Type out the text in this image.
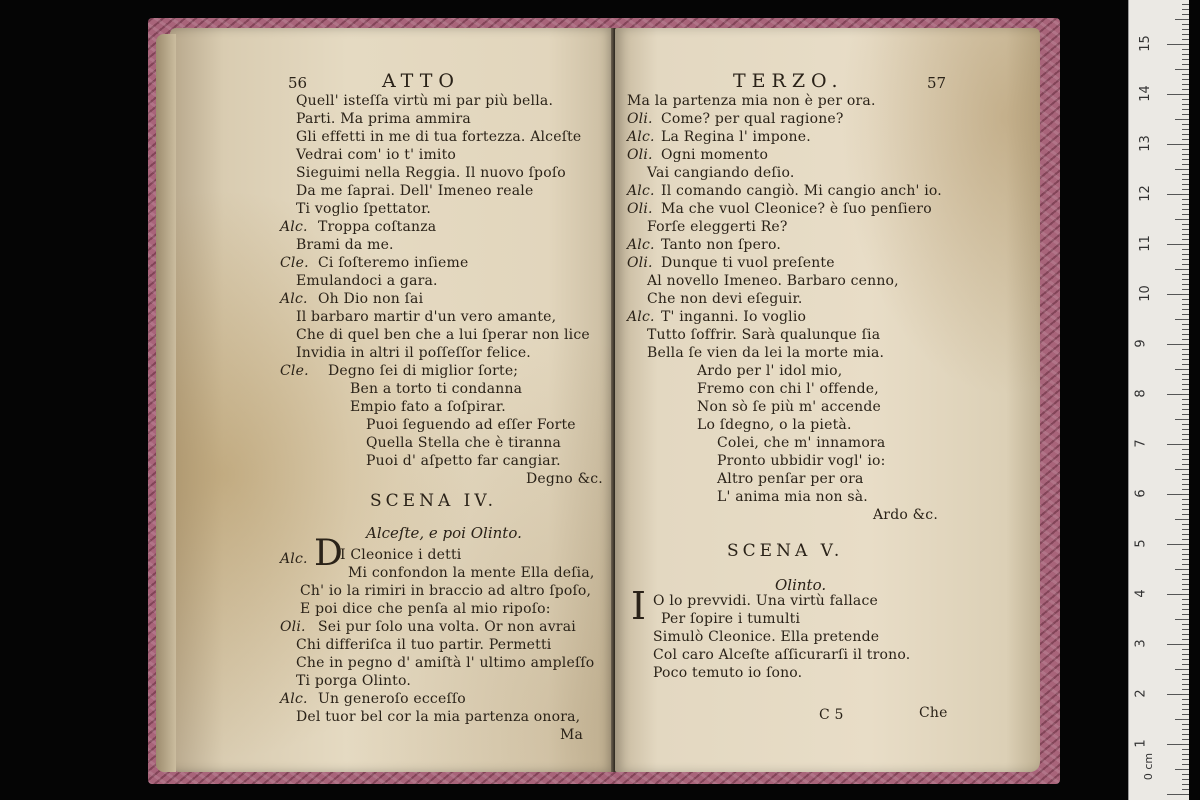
56	ATTO
Quell' isteſſa virtù mi par più bella.
Parti. Ma prima ammira
Gli effetti in me di tua fortezza. Alceſte
Vedrai com' io t' imito
Sieguimi nella Reggia. Il nuovo ſpoſo
Da me ſaprai. Dell' Imeneo reale
Ti voglio ſpettator.
Alc. Troppa coſtanza
Brami da me.
Cle. Ci ſoſteremo inſieme
Emulandoci a gara.
Alc. Oh Dio non ſai
Il barbaro martir d'un vero amante,
Che di quel ben che a lui ſperar non lice
Invidia in altri il poſſeſſor felice.
Cle. Degno ſei di miglior ſorte;
Ben a torto ti condanna
Empio fato a ſoſpirar.
Puoi ſeguendo ad eſſer Forte
Quella Stella che è tiranna
Puoi d' aſpetto far cangiar.
Degno &c.
SCENA IV.
Alceſte, e poi Olinto.
Alc. D
I Cleonice i detti
Mi confondon la mente Ella deſia,
Ch' io la rimiri in braccio ad altro ſpoſo,
E poi dice che penſa al mio ripoſo:
Oli. Sei pur ſolo una volta. Or non avrai
Chi differiſca il tuo partir. Permetti
Che in pegno d' amiſtà l' ultimo ampleſſo
Ti porga Olinto.
Alc. Un generoſo ecceſſo
Del tuor bel cor la mia partenza onora,
Ma
TERZO.	57
Ma la partenza mia non è per ora.
Oli. Come? per qual ragione?
Alc. La Regina l' impone.
Oli. Ogni momento
Vai cangiando deſio.
Alc. Il comando cangiò. Mi cangio anch' io.
Oli. Ma che vuol Cleonice? è ſuo penſiero
Forſe eleggerti Re?
Alc. Tanto non ſpero.
Oli. Dunque ti vuol preſente
Al novello Imeneo. Barbaro cenno,
Che non devi eſeguir.
Alc. T' inganni. Io voglio
Tutto ſoffrir. Sarà qualunque ſia
Bella ſe vien da lei la morte mia.
Ardo per l' idol mio,
Fremo con chi l' offende,
Non sò ſe più m' accende
Lo ſdegno, o la pietà.
Colei, che m' innamora
Pronto ubbidir vogl' io:
Altro penſar per ora
L' anima mia non sà.
Ardo &c.
SCENA V.
Olinto.
I O lo prevvidi. Una virtù fallace
Per ſopire i tumulti
Simulò Cleonice. Ella pretende
Col caro Alceſte aſſicurarſi il trono.
Poco temuto io ſono.
C 5	Che
0 cm
1
2
3
4
5
6
7
8
9
10
11
12
13
14
15
